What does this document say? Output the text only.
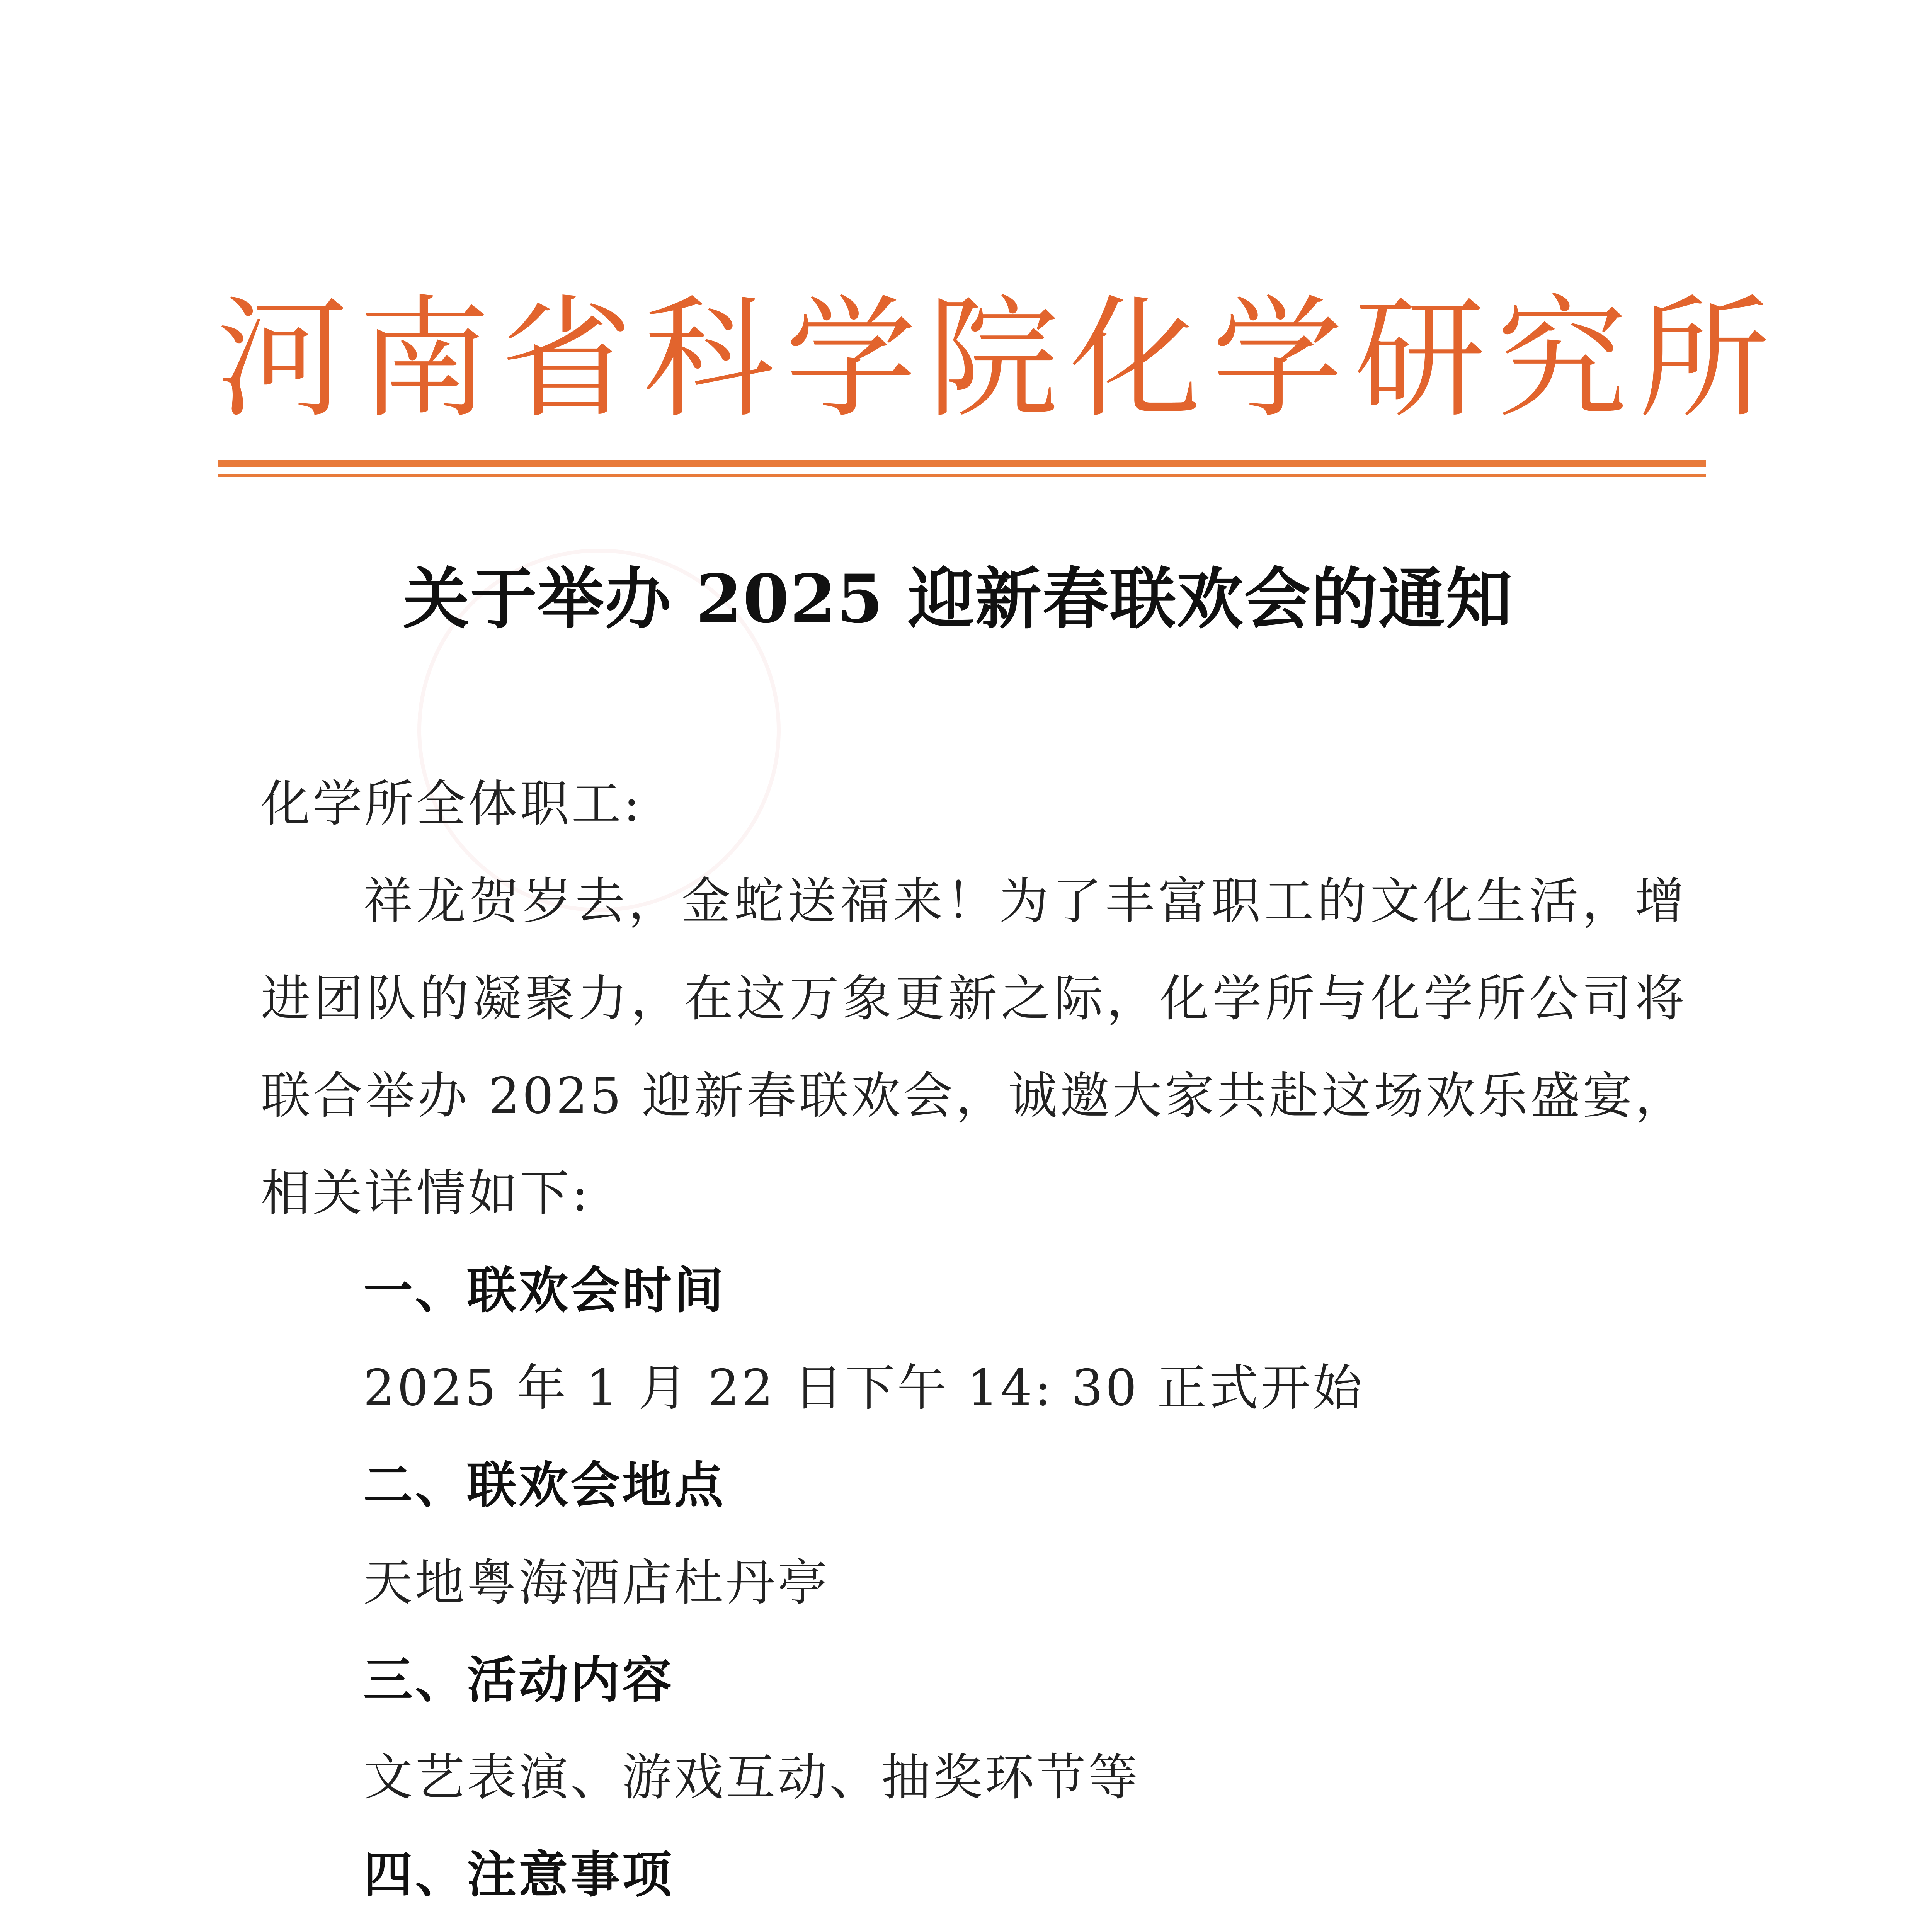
河南省科学院化学研究所
关于举办 2025 迎新春联欢会的通知

化学所全体职工:

祥龙贺岁去，金蛇送福来！为了丰富职工的文化生活，增进团队的凝聚力，在这万象更新之际，化学所与化学所公司将联合举办 2025 迎新春联欢会，诚邀大家共赴这场欢乐盛宴，相关详情如下:

一、联欢会时间

2025 年 1 月 22 日下午 14: 30 正式开始

二、联欢会地点

天地粤海酒店杜丹亭

三、活动内容

文艺表演、游戏互动、抽奖环节等

四、注意事项
